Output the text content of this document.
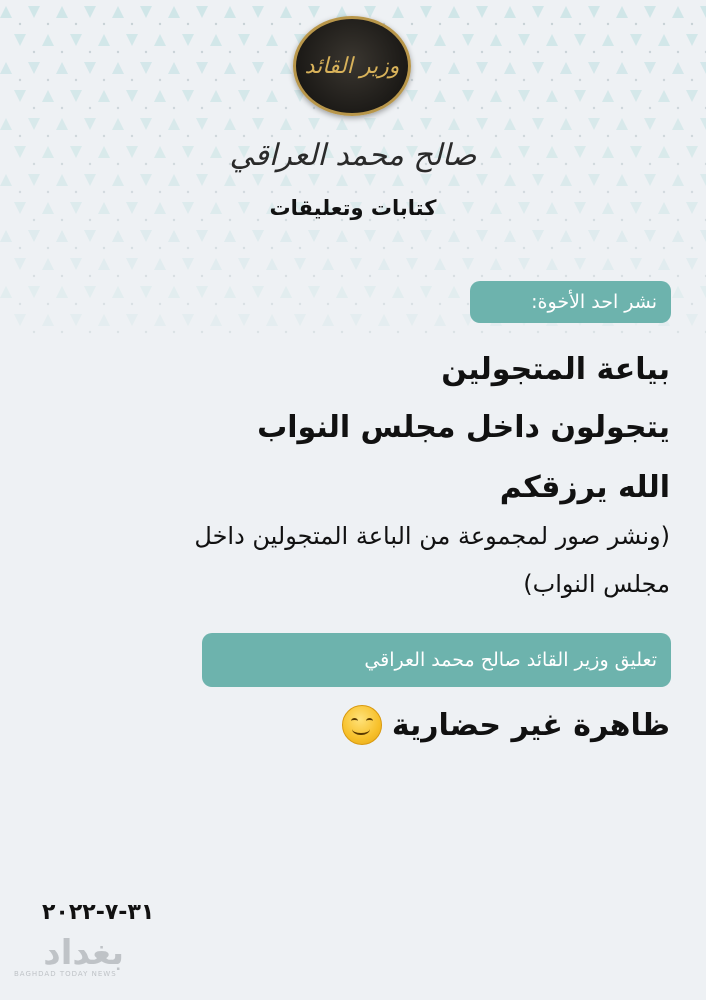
وزير القائد
صالح محمد العراقي
كتابات وتعليقات
نشر احد الأخوة:
بياعة المتجولين
يتجولون داخل مجلس النواب
الله يرزقكم
(ونشر صور لمجموعة من الباعة المتجولين داخل
مجلس النواب)
تعليق وزير القائد صالح محمد العراقي
ظاهرة غير حضارية
٣١-٧-٢٠٢٢
بغداد
BAGHDAD TODAY NEWS
